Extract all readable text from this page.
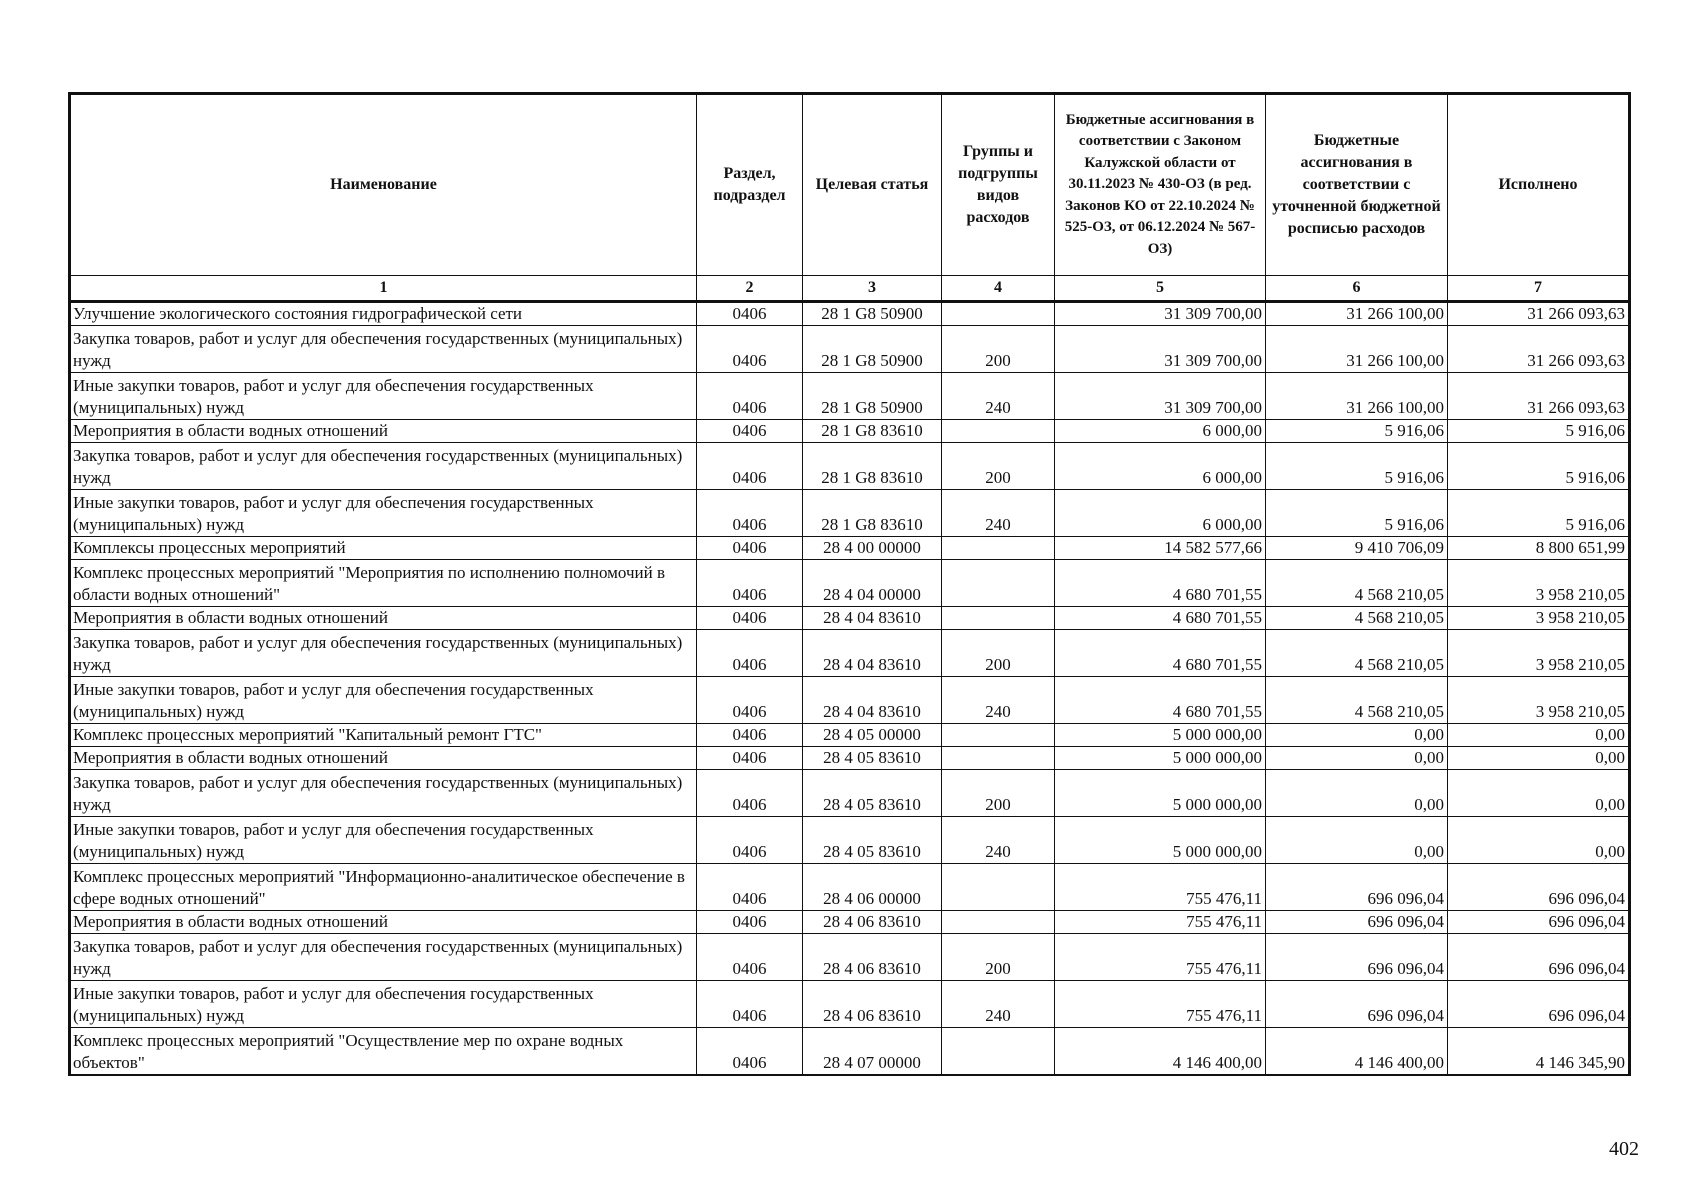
Наименование	Раздел, подраздел	Целевая статья	Группы и подгруппы видов расходов	Бюджетные ассигнования в соответствии с Законом Калужской области от 30.11.2023 № 430-ОЗ (в ред. Законов КО от 22.10.2024 № 525-ОЗ, от 06.12.2024 № 567-ОЗ)	Бюджетные ассигнования в соответствии с уточненной бюджетной росписью расходов	Исполнено
1	2	3	4	5	6	7
Улучшение экологического состояния гидрографической сети	0406	28 1 G8 50900		31 309 700,00	31 266 100,00	31 266 093,63
Закупка товаров, работ и услуг для обеспечения государственных (муниципальных) нужд	0406	28 1 G8 50900	200	31 309 700,00	31 266 100,00	31 266 093,63
Иные закупки товаров, работ и услуг для обеспечения государственных (муниципальных) нужд	0406	28 1 G8 50900	240	31 309 700,00	31 266 100,00	31 266 093,63
Мероприятия в области водных отношений	0406	28 1 G8 83610		6 000,00	5 916,06	5 916,06
Закупка товаров, работ и услуг для обеспечения государственных (муниципальных) нужд	0406	28 1 G8 83610	200	6 000,00	5 916,06	5 916,06
Иные закупки товаров, работ и услуг для обеспечения государственных (муниципальных) нужд	0406	28 1 G8 83610	240	6 000,00	5 916,06	5 916,06
Комплексы процессных мероприятий	0406	28 4 00 00000		14 582 577,66	9 410 706,09	8 800 651,99
Комплекс процессных мероприятий "Мероприятия по исполнению полномочий в области водных отношений"	0406	28 4 04 00000		4 680 701,55	4 568 210,05	3 958 210,05
Мероприятия в области водных отношений	0406	28 4 04 83610		4 680 701,55	4 568 210,05	3 958 210,05
Закупка товаров, работ и услуг для обеспечения государственных (муниципальных) нужд	0406	28 4 04 83610	200	4 680 701,55	4 568 210,05	3 958 210,05
Иные закупки товаров, работ и услуг для обеспечения государственных (муниципальных) нужд	0406	28 4 04 83610	240	4 680 701,55	4 568 210,05	3 958 210,05
Комплекс процессных мероприятий "Капитальный ремонт ГТС"	0406	28 4 05 00000		5 000 000,00	0,00	0,00
Мероприятия в области водных отношений	0406	28 4 05 83610		5 000 000,00	0,00	0,00
Закупка товаров, работ и услуг для обеспечения государственных (муниципальных) нужд	0406	28 4 05 83610	200	5 000 000,00	0,00	0,00
Иные закупки товаров, работ и услуг для обеспечения государственных (муниципальных) нужд	0406	28 4 05 83610	240	5 000 000,00	0,00	0,00
Комплекс процессных мероприятий "Информационно-аналитическое обеспечение в сфере водных отношений"	0406	28 4 06 00000		755 476,11	696 096,04	696 096,04
Мероприятия в области водных отношений	0406	28 4 06 83610		755 476,11	696 096,04	696 096,04
Закупка товаров, работ и услуг для обеспечения государственных (муниципальных) нужд	0406	28 4 06 83610	200	755 476,11	696 096,04	696 096,04
Иные закупки товаров, работ и услуг для обеспечения государственных (муниципальных) нужд	0406	28 4 06 83610	240	755 476,11	696 096,04	696 096,04
Комплекс процессных мероприятий "Осуществление мер по охране водных объектов"	0406	28 4 07 00000		4 146 400,00	4 146 400,00	4 146 345,90
402
